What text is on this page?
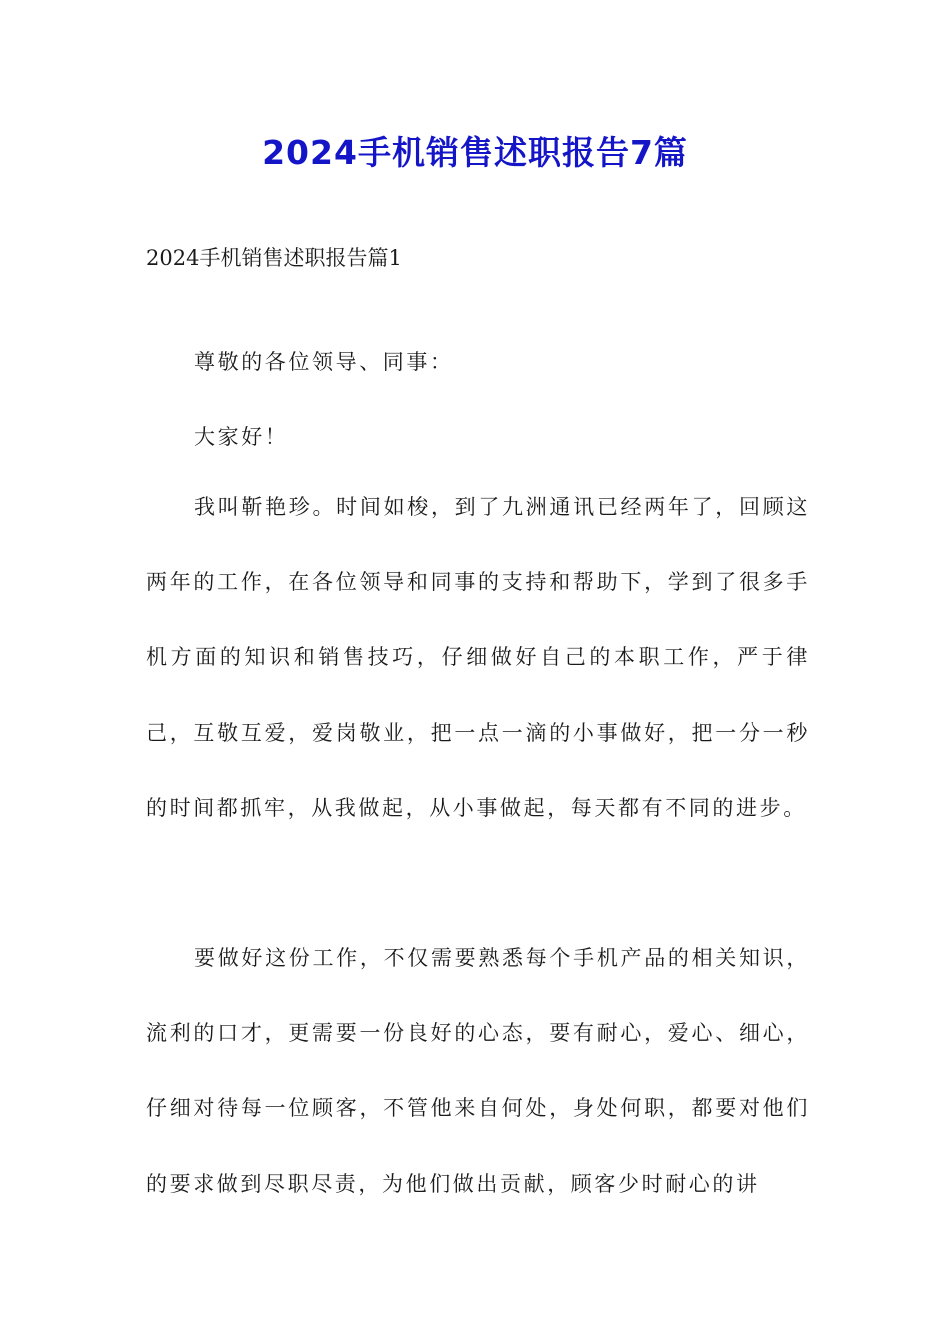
2024手机销售述职报告7篇

2024手机销售述职报告篇1

尊敬的各位领导、同事：

大家好！

我叫靳艳珍。时间如梭，到了九洲通讯已经两年了，回顾这两年的工作，在各位领导和同事的支持和帮助下，学到了很多手机方面的知识和销售技巧，仔细做好自己的本职工作，严于律己，互敬互爱，爱岗敬业，把一点一滴的小事做好，把一分一秒的时间都抓牢，从我做起，从小事做起，每天都有不同的进步。

要做好这份工作，不仅需要熟悉每个手机产品的相关知识，流利的口才，更需要一份良好的心态，要有耐心，爱心、细心，仔细对待每一位顾客，不管他来自何处，身处何职，都要对他们的要求做到尽职尽责，为他们做出贡献，顾客少时耐心的讲
